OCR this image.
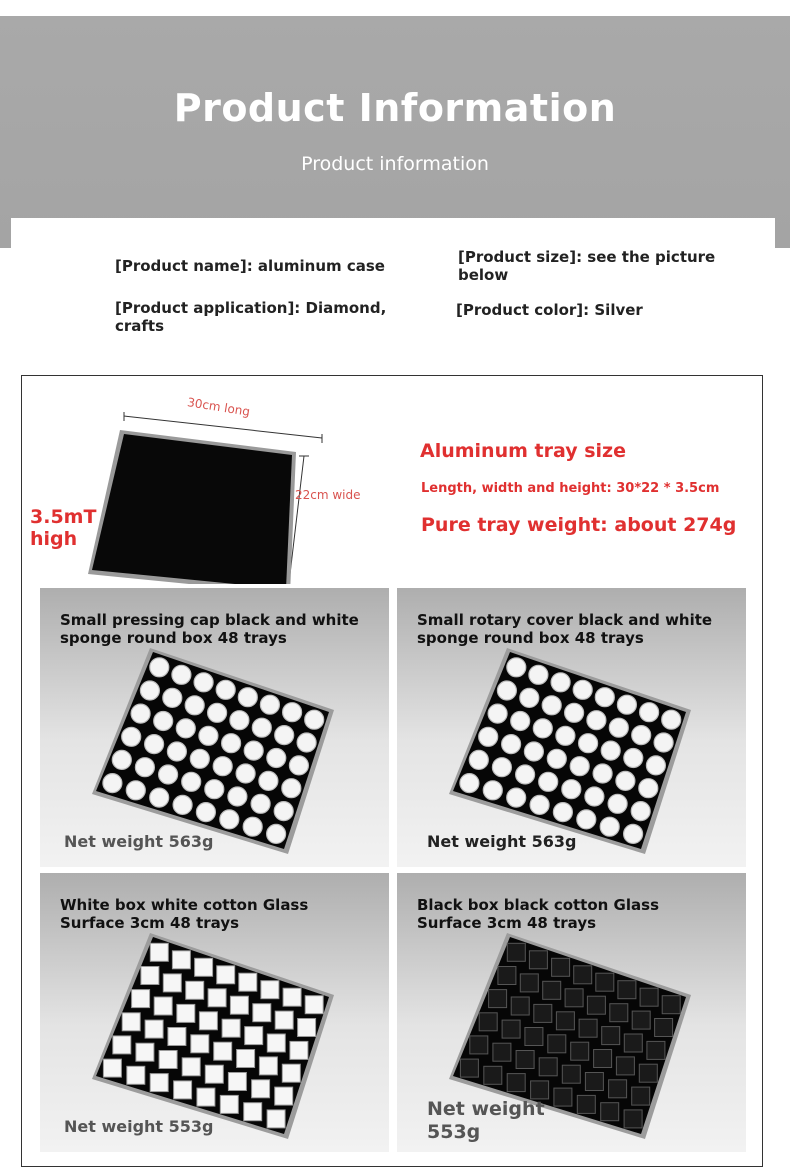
Product Information
Product information
[Product name]: aluminum case	[Product size]: see the picture below
[Product application]: Diamond, crafts
[Product color]: Silver
30cm long
22cm wide
3.5mT high
Aluminum tray size
Length, width and height: 30*22 * 3.5cm
Pure tray weight: about 274g
Small pressing cap black and white sponge round box 48 trays
Net weight 563g
Small rotary cover black and white sponge round box 48 trays
Net weight 563g
White box white cotton Glass Surface 3cm 48 trays
Net weight 553g
Black box black cotton Glass Surface 3cm 48 trays
Net weight 553g
